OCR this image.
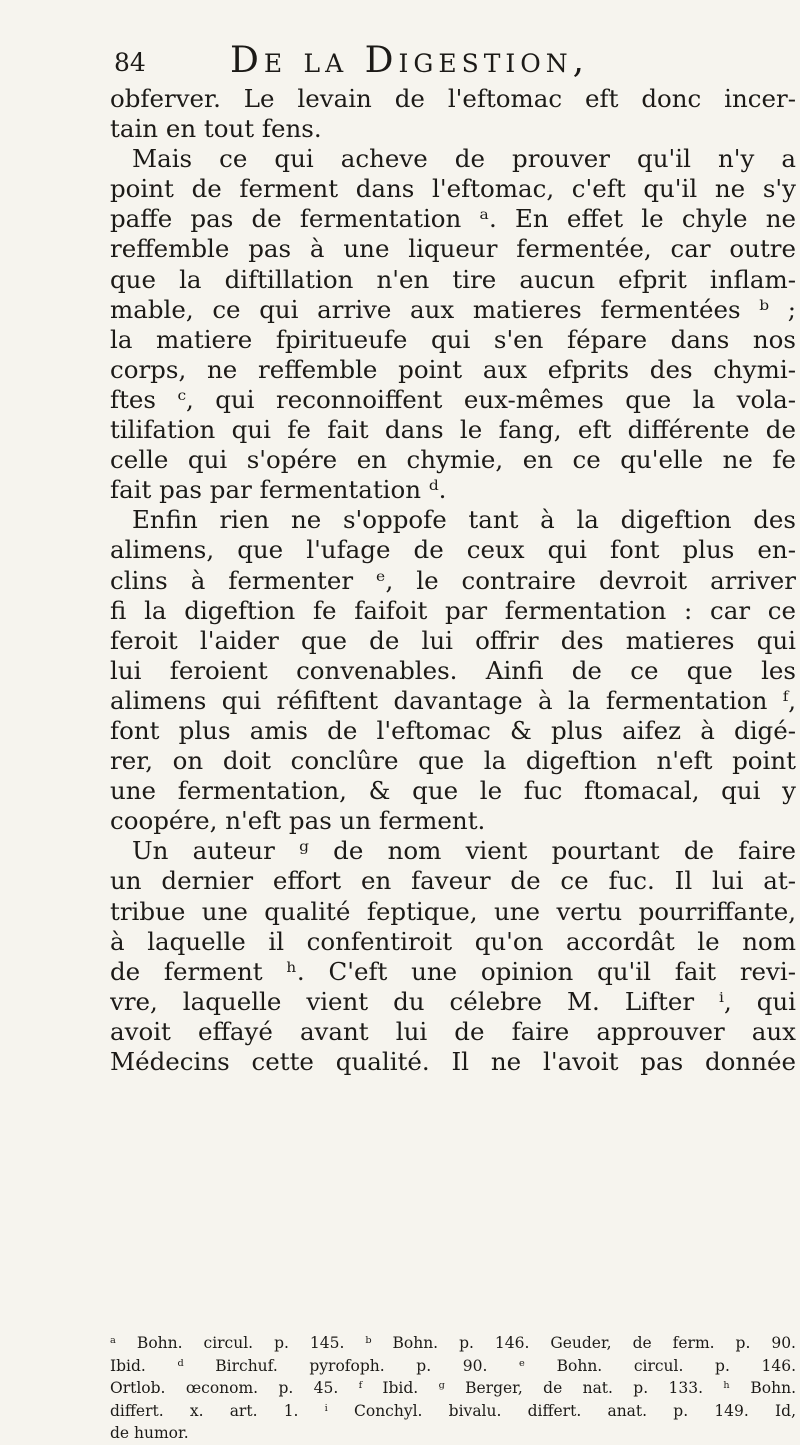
84 De la Digestion,
obferver. Le levain de l'eftomac eft donc incer-
tain en tout fens.
Mais ce qui acheve de prouver qu'il n'y a
point de ferment dans l'eftomac, c'eft qu'il ne s'y
paffe pas de fermentation ᵃ. En effet le chyle ne
reffemble pas à une liqueur fermentée, car outre
que la diftillation n'en tire aucun efprit inflam-
mable, ce qui arrive aux matieres fermentées ᵇ ;
la matiere fpiritueufe qui s'en fépare dans nos
corps, ne reffemble point aux efprits des chymi-
ftes ᶜ, qui reconnoiffent eux-mêmes que la vola-
tilifation qui fe fait dans le fang, eft différente de
celle qui s'opére en chymie, en ce qu'elle ne fe
fait pas par fermentation ᵈ.
Enfin rien ne s'oppofe tant à la digeftion des
alimens, que l'ufage de ceux qui font plus en-
clins à fermenter ᵉ, le contraire devroit arriver
fi la digeftion fe faifoit par fermentation : car ce
feroit l'aider que de lui offrir des matieres qui
lui feroient convenables. Ainfi de ce que les
alimens qui réfiftent davantage à la fermentation ᶠ,
font plus amis de l'eftomac & plus aifez à digé-
rer, on doit conclûre que la digeftion n'eft point
une fermentation, & que le fuc ftomacal, qui y
coopére, n'eft pas un ferment.
Un auteur ᵍ de nom vient pourtant de faire
un dernier effort en faveur de ce fuc. Il lui at-
tribue une qualité feptique, une vertu pourriffante,
à laquelle il confentiroit qu'on accordât le nom
de ferment ʰ. C'eft une opinion qu'il fait revi-
vre, laquelle vient du célebre M. Lifter ⁱ, qui
avoit effayé avant lui de faire approuver aux
Médecins cette qualité. Il ne l'avoit pas donnée
ᵃ Bohn. circul. p. 145. ᵇ Bohn. p. 146. Geuder, de ferm. p. 90.
Ibid. ᵈ Birchuf. pyrofoph. p. 90. ᵉ Bohn. circul. p. 146.
Ortlob. œconom. p. 45. ᶠ Ibid. ᵍ Berger, de nat. p. 133. ʰ Bohn.
differt. x. art. 1. ⁱ Conchyl. bivalu. differt. anat. p. 149. Id,
de humor.
